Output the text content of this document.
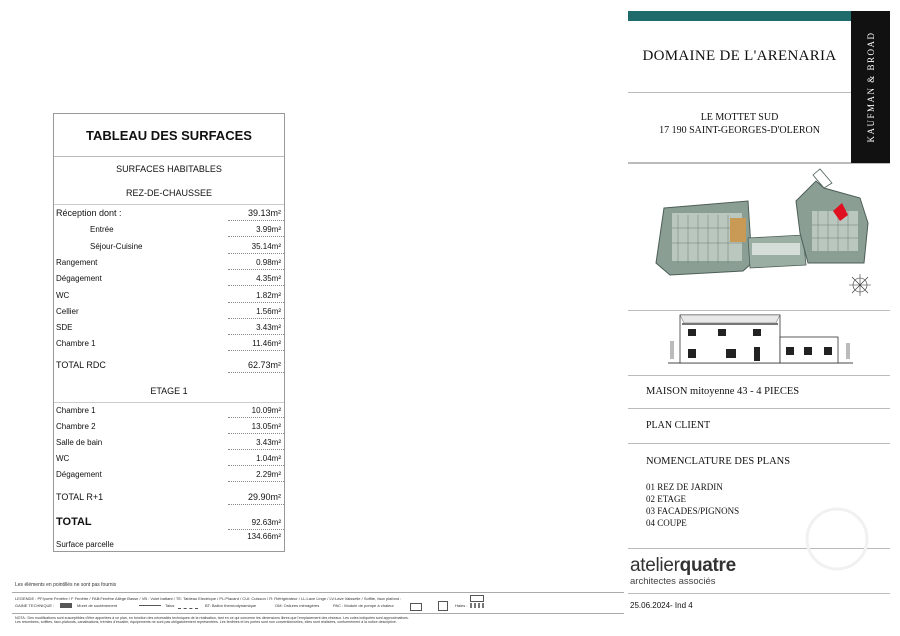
TABLEAU DES SURFACES
SURFACES HABITABLES
REZ-DE-CHAUSSEE
Réception dont :	39.13m²
Entrée	3.99m²
Séjour-Cuisine	35.14m²
Rangement	0.98m²
Dégagement	4.35m²
WC	1.82m²
Cellier	1.56m²
SDE	3.43m²
Chambre 1	11.46m²
TOTAL RDC	62.73m²
ETAGE 1
Chambre 1	10.09m²
Chambre 2	13.05m²
Salle de bain	3.43m²
WC	1.04m²
Dégagement	2.29m²
TOTAL R+1	29.90m²
TOTAL	92.63m²
Surface parcelle
134.66m²
KAUFMAN & BROAD
DOMAINE DE L'ARENARIA
LE MOTTET SUD
17 190 SAINT-GEORGES-D'OLERON
MAISON mitoyenne 43 - 4 PIECES
PLAN CLIENT
NOMENCLATURE DES PLANS
01 REZ DE JARDIN
02 ETAGE
03 FACADES/PIGNONS
04 COUPE
atelierquatre
architectes associés
25.06.2024- Ind 4
Les éléments en pointillés ne sont pas fournis
LEGENDE : PF/porte Fenêtre / F Fenêtre / FAB:Fenêtre Allège Basse / VB : Volet battant / TE: Tableau Electrique / PL:Placard / CUI: Cuisson / R: Réfrigérateur / LL:Lave Linge / LV:Lave Vaisselle / Soffite, faux plafond :
GAINE TECHNIQUE :	Muret de soutènement	Talus	BT: Ballon thermodynamique	OM: Ordures ménagères	PAC : Module de pompe à chaleur	Haies :
NOTA : Des modifications sont susceptibles d'être apportées à ce plan, en fonction des nécessités techniques de la réalisation, tant en ce qui concerne les dimensions libres que l'emplacement des réseaux. Les cotes indiquées sont approximatives.
Les retombées, soffites, faux-plafonds, canalisations, trémies d'escalier, équipements ne sont pas obligatoirement représentées. Les fenêtres et les portes sont non conventionnelles, elles sont réalisées, conformément à la notice descriptive.
